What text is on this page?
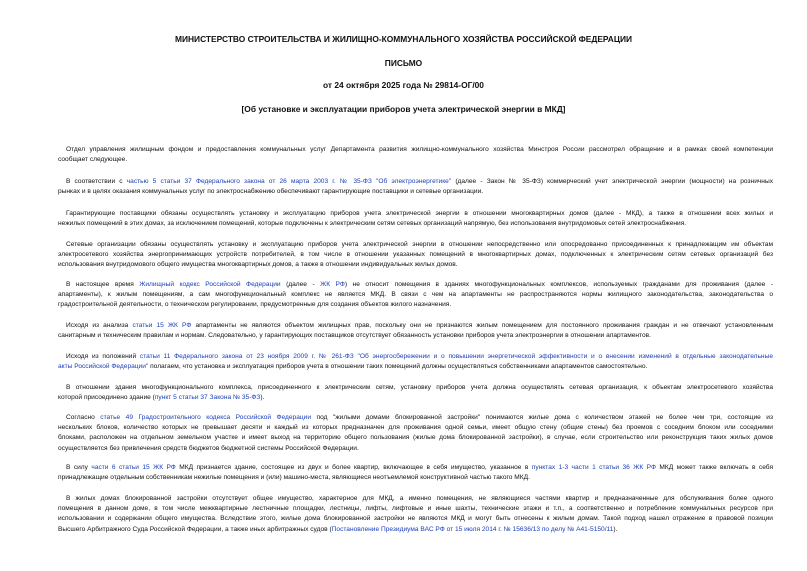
МИНИСТЕРСТВО СТРОИТЕЛЬСТВА И ЖИЛИЩНО-КОММУНАЛЬНОГО ХОЗЯЙСТВА РОССИЙСКОЙ ФЕДЕРАЦИИ
ПИСЬМО
от 24 октября 2025 года № 29814-ОГ/00
[Об установке и эксплуатации приборов учета электрической энергии в МКД]
Отдел управления жилищным фондом и предоставления коммунальных услуг Департамента развития жилищно-коммунального хозяйства Минстроя России рассмотрел обращение и в рамках своей компетенции
сообщает следующее.
В соответствии с частью 5 статьи 37 Федерального закона от 26 марта 2003 г. № 35-ФЗ "Об электроэнергетике" (далее - Закон № 35-ФЗ) коммерческий учет электрической энергии (мощности) на розничных
рынках и в целях оказания коммунальных услуг по электроснабжению обеспечивают гарантирующие поставщики и сетевые организации.
Гарантирующие поставщики обязаны осуществлять установку и эксплуатацию приборов учета электрической энергии в отношении многоквартирных домов (далее - МКД), а также в отношении всех жилых и
нежилых помещений в этих домах, за исключением помещений, которые подключены к электрическим сетям сетевых организаций напрямую, без использования внутридомовых сетей электроснабжения.
Сетевые организации обязаны осуществлять установку и эксплуатацию приборов учета электрической энергии в отношении непосредственно или опосредованно присоединенных к принадлежащим им объектам
электросетевого хозяйства энергопринимающих устройств потребителей, в том числе в отношении указанных помещений в многоквартирных домах, подключенных к электрическим сетям сетевых организаций без
использования внутридомового общего имущества многоквартирных домов, а также в отношении индивидуальных жилых домов.
В настоящее время Жилищный кодекс Российской Федерации (далее - ЖК РФ) не относит помещения в зданиях многофункциональных комплексов, используемых гражданами для проживания (далее -
апартаменты), к жилым помещениям, а сам многофункциональный комплекс не является МКД. В связи с чем на апартаменты не распространяются нормы жилищного законодательства, законодательства о
градостроительной деятельности, о техническом регулировании, предусмотренные для создания объектов жилого назначения.
Исходя из анализа статьи 15 ЖК РФ апартаменты не являются объектом жилищных прав, поскольку они не признаются жилым помещением для постоянного проживания граждан и не отвечают установленным
санитарным и техническим правилам и нормам. Следовательно, у гарантирующих поставщиков отсутствует обязанность установки приборов учета электроэнергии в отношении апартаментов.
Исходя из положений статьи 11 Федерального закона от 23 ноября 2009 г. № 261-ФЗ "Об энергосбережении и о повышении энергетической эффективности и о внесении изменений в отдельные законодательные
акты Российской Федерации" полагаем, что установка и эксплуатация приборов учета в отношении таких помещений должны осуществляться собственниками апартаментов самостоятельно.
В отношении здания многофункционального комплекса, присоединенного к электрическим сетям, установку приборов учета должна осуществлять сетевая организация, к объектам электросетевого хозяйства
которой присоединено здание (пункт 5 статьи 37 Закона № 35-ФЗ).
Согласно статье 49 Градостроительного кодекса Российской Федерации под "жилыми домами блокированной застройки" понимаются жилые дома с количеством этажей не более чем три, состоящие из
нескольких блоков, количество которых не превышает десяти и каждый из которых предназначен для проживания одной семьи, имеет общую стену (общие стены) без проемов с соседним блоком или соседними
блоками, расположен на отдельном земельном участке и имеет выход на территорию общего пользования (жилые дома блокированной застройки), в случае, если строительство или реконструкция таких жилых домов
осуществляется без привлечения средств бюджетов бюджетной системы Российской Федерации.
В силу части 6 статьи 15 ЖК РФ МКД признается здание, состоящее из двух и более квартир, включающее в себя имущество, указанное в пунктах 1-3 части 1 статьи 36 ЖК РФ МКД может также включать в себя
принадлежащие отдельным собственникам нежилые помещения и (или) машино-места, являющиеся неотъемлемой конструктивной частью такого МКД.
В жилых домах блокированной застройки отсутствует общее имущество, характерное для МКД, а именно помещения, не являющиеся частями квартир и предназначенные для обслуживания более одного
помещения в данном доме, в том числе межквартирные лестничные площадки, лестницы, лифты, лифтовые и иные шахты, технические этажи и т.п., а соответственно и потребление коммунальных ресурсов при
использовании и содержании общего имущества. Вследствие этого, жилые дома блокированной застройки не являются МКД и могут быть отнесены к жилым домам. Такой подход нашел отражение в правовой позиции
Высшего Арбитражного Суда Российской Федерации, а также иных арбитражных судов (Постановление Президиума ВАС РФ от 15 июля 2014 г. № 15636/13 по делу № А41-5150/11).
